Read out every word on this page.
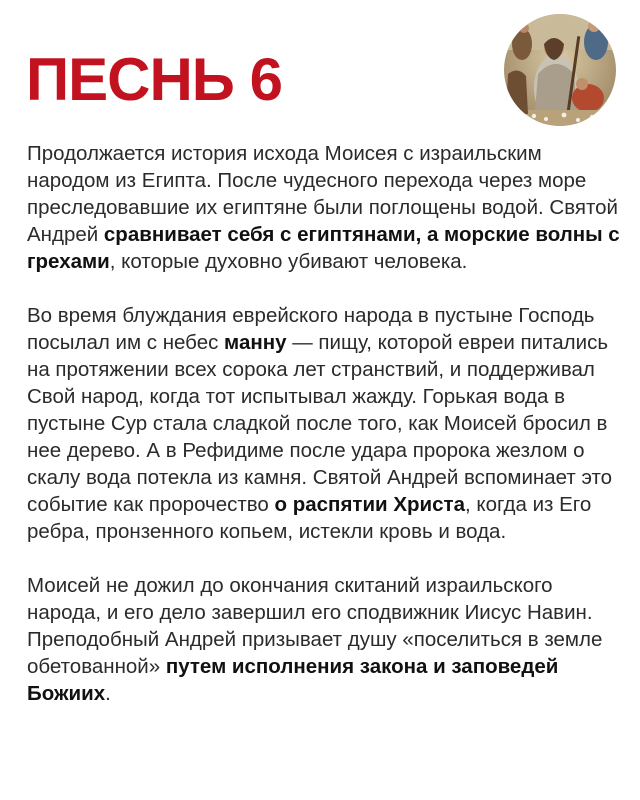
ПЕСНЬ 6

Продолжается история исхода Моисея с израильским народом из Египта. После чудесного перехода через море преследовавшие их египтяне были поглощены водой. Святой Андрей сравнивает себя с египтянами, а морские волны с грехами, которые духовно убивают человека.

Во время блуждания еврейского народа в пустыне Господь посылал им с небес манну — пищу, которой евреи питались на протяжении всех сорока лет странствий, и поддерживал Свой народ, когда тот испытывал жажду. Горькая вода в пустыне Сур стала сладкой после того, как Моисей бросил в нее дерево. А в Рефидиме после удара пророка жезлом о скалу вода потекла из камня. Святой Андрей вспоминает это событие как пророчество о распятии Христа, когда из Его ребра, пронзенного копьем, истекли кровь и вода.

Моисей не дожил до окончания скитаний израильского народа, и его дело завершил его сподвижник Иисус Навин. Преподобный Андрей призывает душу «поселиться в земле обетованной» путем исполнения закона и заповедей Божиих.
